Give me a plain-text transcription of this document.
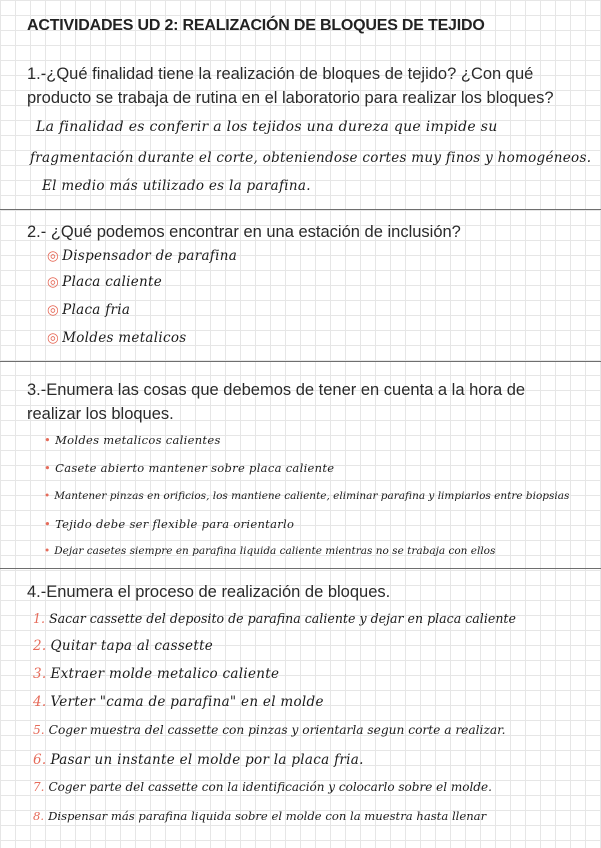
ACTIVIDADES UD 2: REALIZACIÓN DE BLOQUES DE TEJIDO
1.-¿Qué finalidad tiene la realización de bloques de tejido? ¿Con qué
producto se trabaja de rutina en el laboratorio para realizar los bloques?
La finalidad es conferir a los tejidos una dureza que impide su
fragmentación durante el corte, obteniendose cortes muy finos y homogéneos.
El medio más utilizado es la parafina.
2.- ¿Qué podemos encontrar en una estación de inclusión?
◎ Dispensador de parafina
◎ Placa caliente
◎ Placa fria
◎ Moldes metalicos
3.-Enumera las cosas que debemos de tener en cuenta a la hora de
realizar los bloques.
• Moldes metalicos calientes
• Casete abierto mantener sobre placa caliente
• Mantener pinzas en orificios, los mantiene caliente, eliminar parafina y limpiarlos entre biopsias
• Tejido debe ser flexible para orientarlo
• Dejar casetes siempre en parafina liquida caliente mientras no se trabaja con ellos
4.-Enumera el proceso de realización de bloques.
1. Sacar cassette del deposito de parafina caliente y dejar en placa caliente
2. Quitar tapa al cassette
3. Extraer molde metalico caliente
4. Verter "cama de parafina" en el molde
5. Coger muestra del cassette con pinzas y orientarla segun corte a realizar.
6. Pasar un instante el molde por la placa fria.
7. Coger parte del cassette con la identificación y colocarlo sobre el molde.
8. Dispensar más parafina liquida sobre el molde con la muestra hasta llenar
